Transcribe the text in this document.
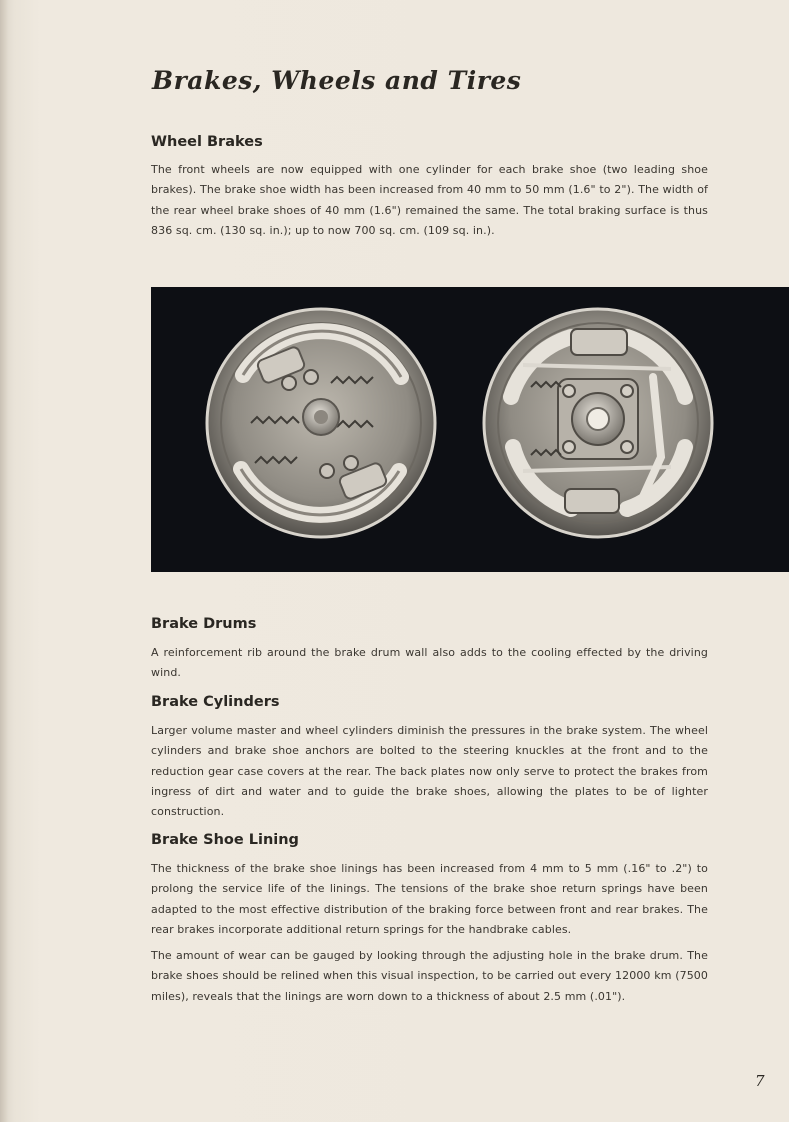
Brakes, Wheels and Tires
Wheel Brakes

The front wheels are now equipped with one cylinder for each brake shoe (two leading shoe brakes). The brake shoe width has been increased from 40 mm to 50 mm (1.6" to 2"). The width of the rear wheel brake shoes of 40 mm (1.6") remained the same. The total braking surface is thus 836 sq. cm. (130 sq. in.); up to now 700 sq. cm. (109 sq. in.).

Brake Drums

A reinforcement rib around the brake drum wall also adds to the cooling effected by the driving wind.

Brake Cylinders

Larger volume master and wheel cylinders diminish the pressures in the brake system. The wheel cylinders and brake shoe anchors are bolted to the steering knuckles at the front and to the reduction gear case covers at the rear. The back plates now only serve to protect the brakes from ingress of dirt and water and to guide the brake shoes, allowing the plates to be of lighter construction.

Brake Shoe Lining

The thickness of the brake shoe linings has been increased from 4 mm to 5 mm (.16" to .2") to prolong the service life of the linings. The tensions of the brake shoe return springs have been adapted to the most effective distribution of the braking force between front and rear brakes. The rear brakes incorporate additional return springs for the handbrake cables.

The amount of wear can be gauged by looking through the adjusting hole in the brake drum. The brake shoes should be relined when this visual inspection, to be carried out every 12000 km (7500 miles), reveals that the linings are worn down to a thickness of about 2.5 mm (.01").

7
